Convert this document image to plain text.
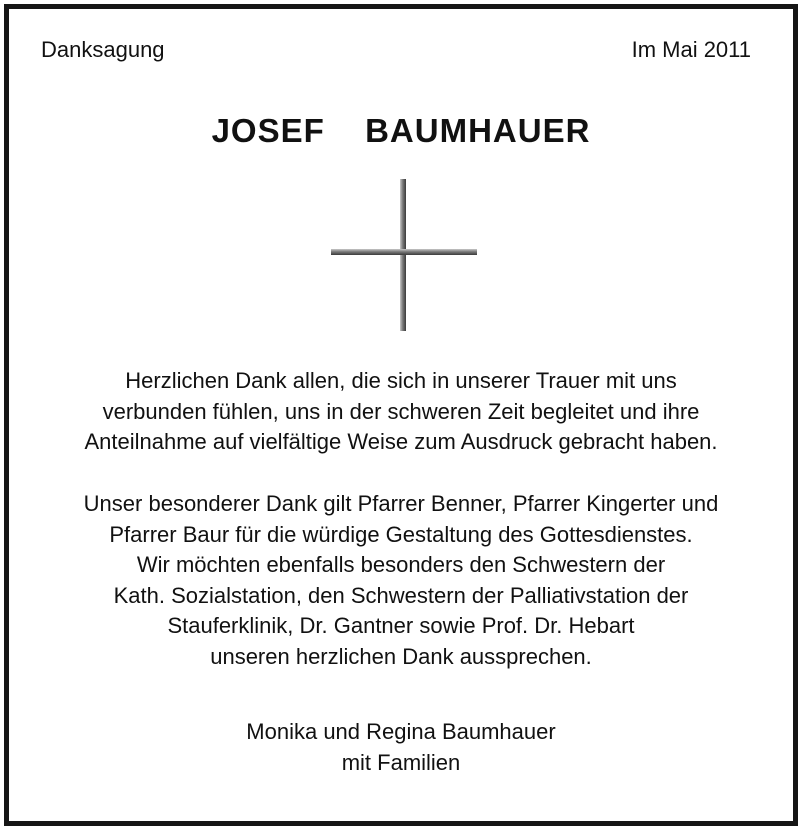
Danksagung	Im Mai 2011
JOSEF  BAUMHAUER
Herzlichen Dank allen, die sich in unserer Trauer mit uns
verbunden fühlen, uns in der schweren Zeit begleitet und ihre
Anteilnahme auf vielfältige Weise zum Ausdruck gebracht haben.
Unser besonderer Dank gilt Pfarrer Benner, Pfarrer Kingerter und
Pfarrer Baur für die würdige Gestaltung des Gottesdienstes.
Wir möchten ebenfalls besonders den Schwestern der
Kath. Sozialstation, den Schwestern der Palliativstation der
Stauferklinik, Dr. Gantner sowie Prof. Dr. Hebart
unseren herzlichen Dank aussprechen.
Monika und Regina Baumhauer
mit Familien
